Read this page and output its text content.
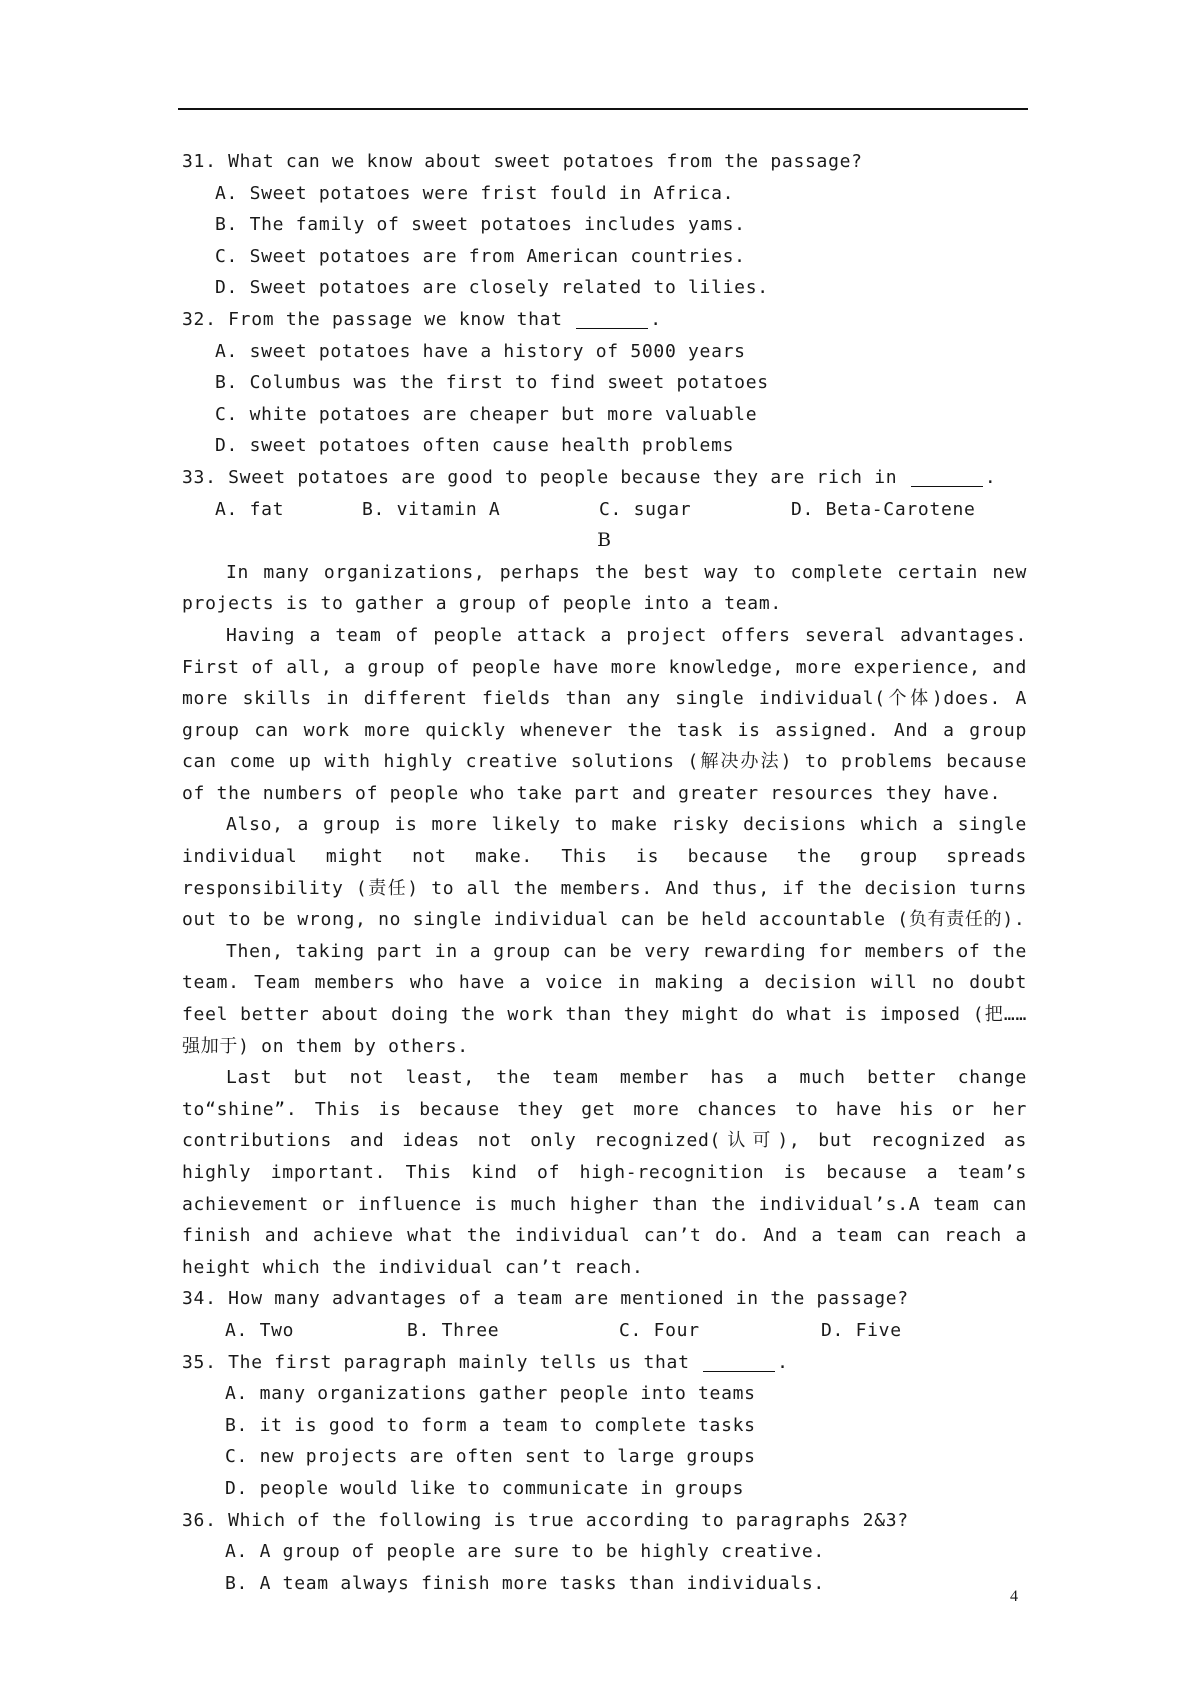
31. What can we know about sweet potatoes from the passage?
A. Sweet potatoes were frist fould in Africa.
B. The family of sweet potatoes includes yams.
C. Sweet potatoes are from American countries.
D. Sweet potatoes are closely related to lilies.
32. From the passage we know that	.
A. sweet potatoes have a history of 5000 years
B. Columbus was the first to find sweet potatoes
C. white potatoes are cheaper but more valuable
D. sweet potatoes often cause health problems
33. Sweet potatoes are good to people because they are rich in	.
A. fat	B. vitamin A	C. sugar	D. Beta-Carotene
B

In many organizations, perhaps the best way to complete certain new projects is to gather a group of people into a team.

Having a team of people attack a project offers several advantages. First of all, a group of people have more knowledge, more experience, and more skills in different fields than any single individual(个体)does. A group can work more quickly whenever the task is assigned. And a group can come up with highly creative solutions (解决办法) to problems because of the numbers of people who take part and greater resources they have.

Also, a group is more likely to make risky decisions which a single individual might not make. This is because the group spreads responsibility (责任) to all the members. And thus, if the decision turns out to be wrong, no single individual can be held accountable (负有责任的).

Then, taking part in a group can be very rewarding for members of the team. Team members who have a voice in making a decision will no doubt feel better about doing the work than they might do what is imposed (把……强加于) on them by others.

Last but not least, the team member has a much better change to“shine”. This is because they get more chances to have his or her contributions and ideas not only recognized(认可), but recognized as highly important. This kind of high-recognition is because a team’s achievement or influence is much higher than the individual’s.A team can finish and achieve what the individual can’t do. And a team can reach a height which the individual can’t reach.

34. How many advantages of a team are mentioned in the passage?
A. Two	B. Three	C. Four	D. Five
35. The first paragraph mainly tells us that	.
A. many organizations gather people into teams
B. it is good to form a team to complete tasks
C. new projects are often sent to large groups
D. people would like to communicate in groups
36. Which of the following is true according to paragraphs 2&3?
A. A group of people are sure to be highly creative.
B. A team always finish more tasks than individuals.
4
